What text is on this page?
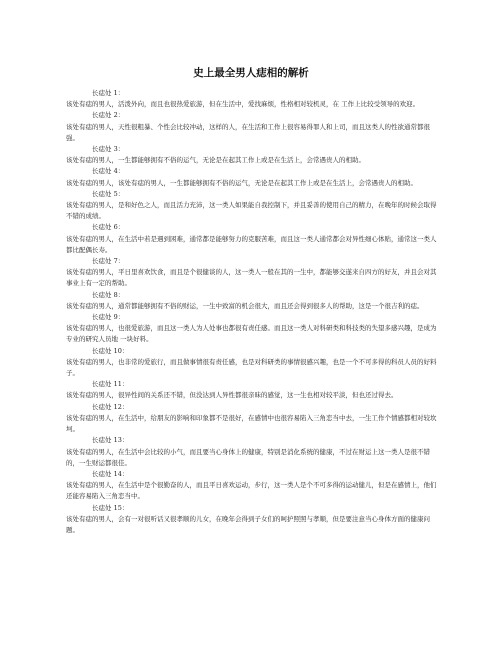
史上最全男人痣相的解析
长痣处 1：
该处有痣的男人，活泼外向，而且也很热爱旅游，但在生活中，爱找麻烦，性格相对较机灵，在 工作上比较受领导的欢迎。
长痣处 2：
该处有痣的男人，天性很粗暴、个性会比较冲动，这样的人，在生活和工作上很容易得罪人和上司，而且这类人的性欲通常都很强。
长痣处 3：
该处有痣的男人，一生都能够拥有不俗的运气，无论是在起其工作上或是在生活上，会常遇贵人的相助。
长痣处 4：
该处有痣的男人，该处有痣的男人，一生都能够拥有不俗的运气，无论是在起其工作上或是在生活上，会常遇贵人的相助。
长痣处 5：
该处有痣的男人，是和好色之人，而且活力充沛，这一类人如果能自我控制下，并且妥善的使用自己的精力，在晚年的时候会取得不错的成绩。
长痣处 6：
该处有痣的男人，在生活中若是遇到困难，通常都是能够努力的克服苦难，而且这一类人通常都会对异性细心体贴，通常这一类人都比配偶长寿。
长痣处 7：
该处有痣的男人，平日里喜欢饮食，而且是个很健谈的人，这一类人一般在其的一生中，都能够交遂来自四方的好友，并且会对其事业上有一定的帮助。
长痣处 8：
该处有痣的男人，通常都能够拥有不俗的财运，一生中致富的机会很大，而且还会得到很多人的帮助，这是一个很吉利的痣。
长痣处 9：
该处有痣的男人，也很爱旅游，而且这一类人为人处事也都很有责任感。而且这一类人对科研类和科技类的失望多感兴趣，是成为专业的研究人员地 一块好料。
长痣处 10：
该处有痣的男人，也非常的爱旅行，而且做事情很有责任感，也是对科研类的事情很感兴趣，也是一个不可多得的科员人员的好料子。
长痣处 11：
该处有痣的男人，很异性间的关系还不错，但没达到人异性都很亲昧的感觉，这一生也相对较平淡，但也还过得去。
长痣处 12：
该处有痣的男人，在生活中，给朋友的影响和印象都不是很好，在感情中也很容易陷入三角恋当中去，一生工作个情感都相对较坎坷。
长痣处 13：
该处有痣的男人，在生活中会比较的小气，而且要当心身体上的健康，特别是消化系统的健康，不过在财运上这一类人是很不错的，一生财运都很佳。
长痣处 14：
该处有痣的男人，在生活中是个很勤奋的人，而且平日喜欢运动，步行，这一类人是个不可多得的运动健儿，但是在感情上，他们还能容易陷入三角恋当中。
长痣处 15：
该处有痣的男人，会有一对很听话又很孝顺的儿女，在晚年会得到子女们的呵护照照与孝顺，但是要注意当心身体方面的健康问题。
